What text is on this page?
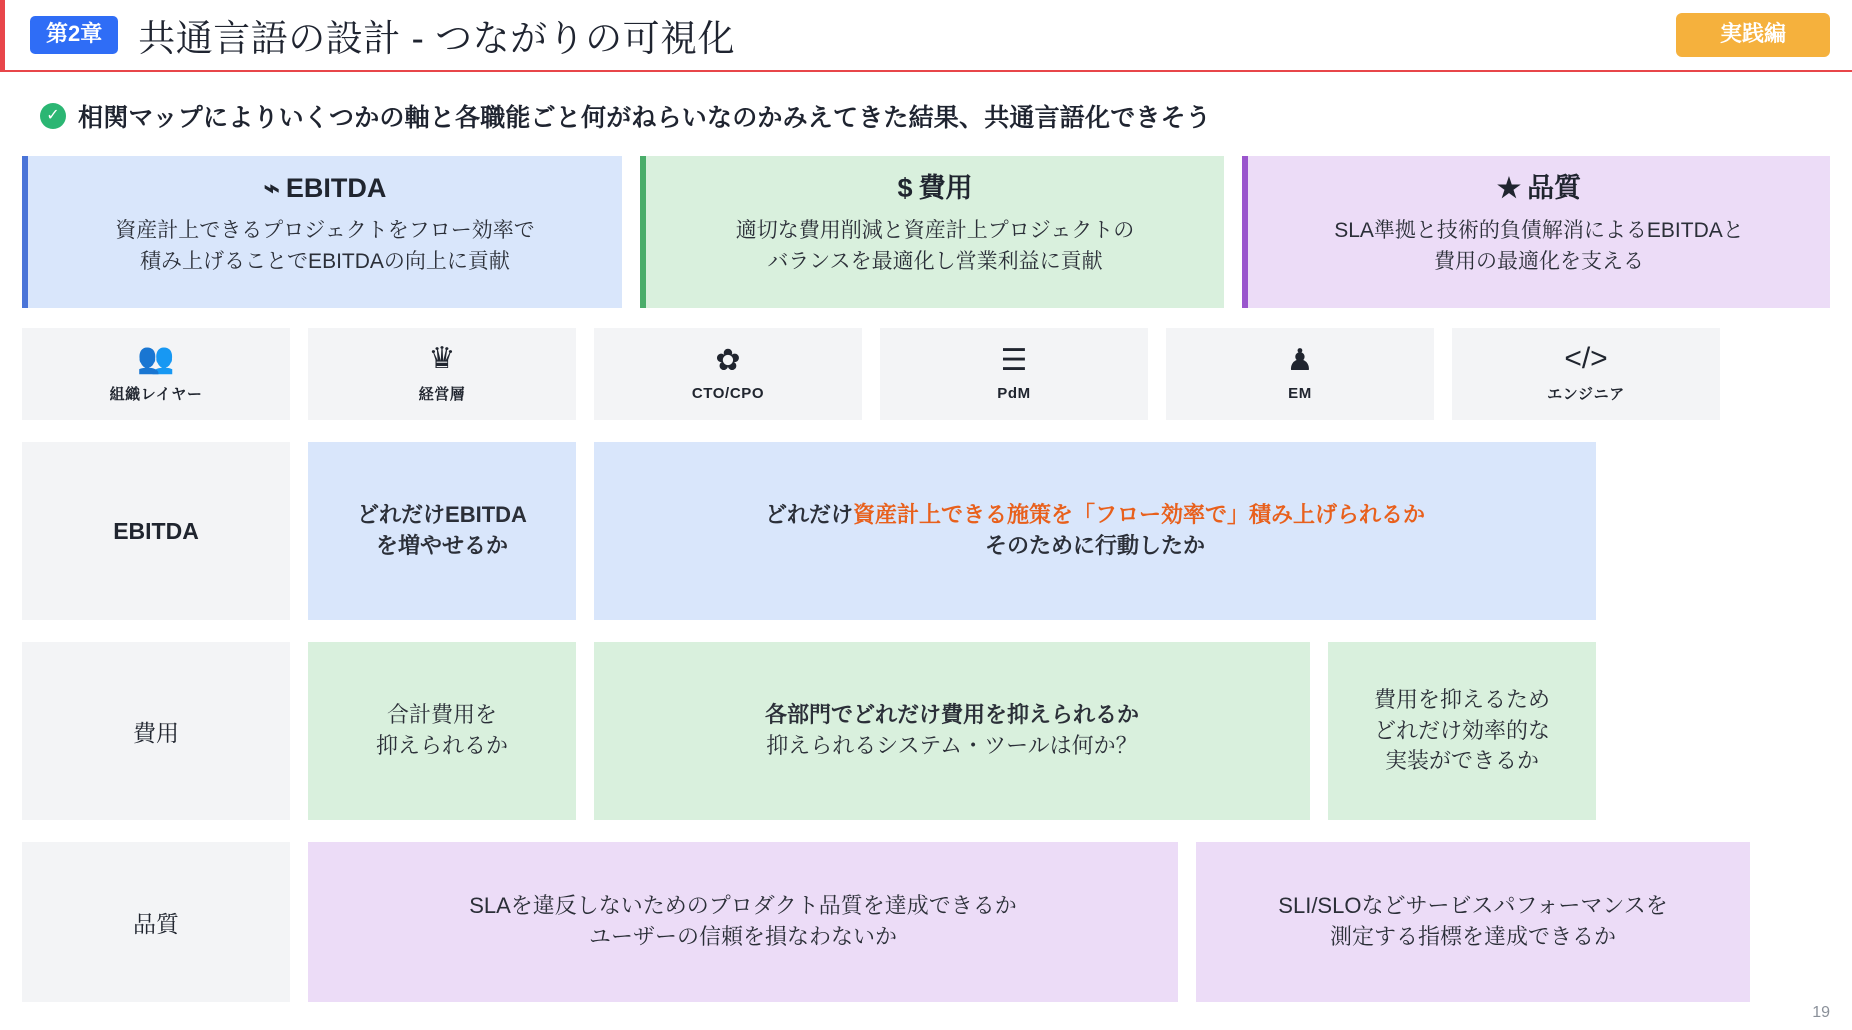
第2章 共通言語の設計 - つながりの可視化	実践編
✓ 相関マップによりいくつかの軸と各職能ごと何がねらいなのかみえてきた結果、共通言語化できそう
⌁ EBITDA
資産計上できるプロジェクトをフロー効率で
積み上げることでEBITDAの向上に貢献
$ 費用
適切な費用削減と資産計上プロジェクトの
バランスを最適化し営業利益に貢献
★ 品質
SLA準拠と技術的負債解消によるEBITDAと
費用の最適化を支える
👥
組織レイヤー
♛
経営層
✿
CTO/CPO
☰
PdM
♟
EM
</>
エンジニア
EBITDA
どれだけEBITDA
を増やせるか
どれだけ資産計上できる施策を「フロー効率で」積み上げられるか
そのために行動したか
費用
合計費用を
抑えられるか
各部門でどれだけ費用を抑えられるか
抑えられるシステム・ツールは何か？
費用を抑えるため
どれだけ効率的な
実装ができるか
品質
SLAを違反しないためのプロダクト品質を達成できるか
ユーザーの信頼を損なわないか
SLI/SLOなどサービスパフォーマンスを
測定する指標を達成できるか
19
